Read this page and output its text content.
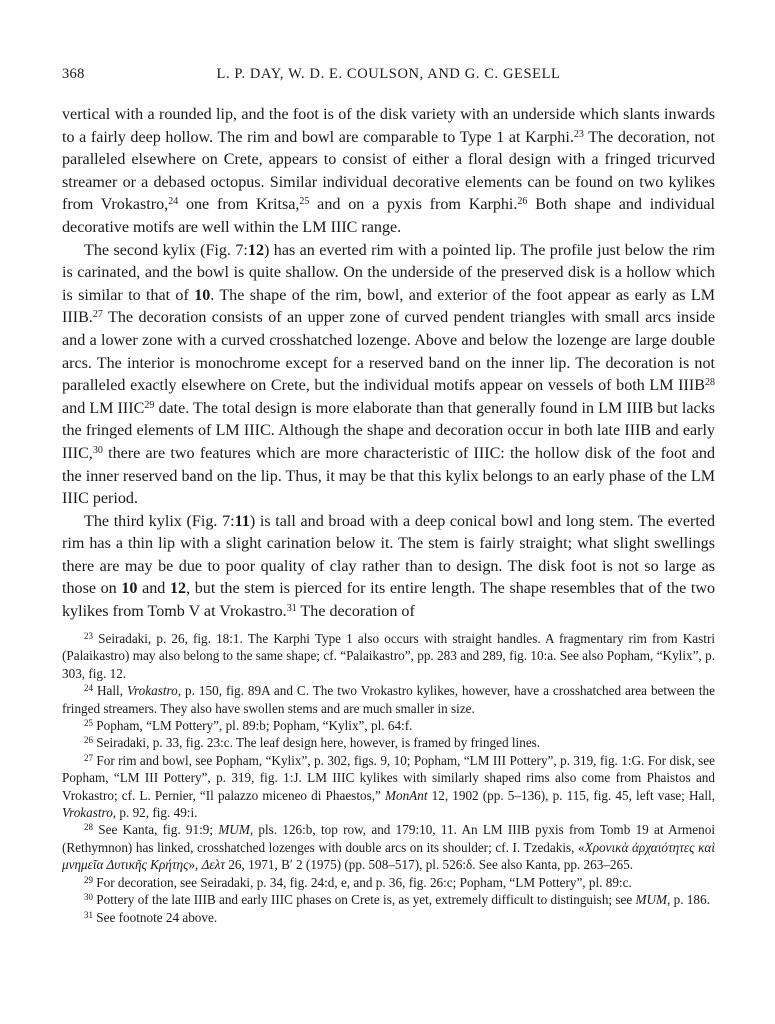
368	L. P. DAY, W. D. E. COULSON, AND G. C. GESELL

vertical with a rounded lip, and the foot is of the disk variety with an underside which slants inwards to a fairly deep hollow. The rim and bowl are comparable to Type 1 at Karphi.$^{23}$ The decoration, not paralleled elsewhere on Crete, appears to consist of either a floral design with a fringed tricurved streamer or a debased octopus. Similar individual decorative elements can be found on two kylikes from Vrokastro,$^{24}$ one from Kritsa,$^{25}$ and on a pyxis from Karphi.$^{26}$ Both shape and individual decorative motifs are well within the LM IIIC range.

The second kylix (Fig. 7:12) has an everted rim with a pointed lip. The profile just below the rim is carinated, and the bowl is quite shallow. On the underside of the preserved disk is a hollow which is similar to that of 10. The shape of the rim, bowl, and exterior of the foot appear as early as LM IIIB.$^{27}$ The decoration consists of an upper zone of curved pendent triangles with small arcs inside and a lower zone with a curved crosshatched lozenge. Above and below the lozenge are large double arcs. The interior is monochrome except for a reserved band on the inner lip. The decoration is not paralleled exactly elsewhere on Crete, but the individual motifs appear on vessels of both LM IIIB$^{28}$ and LM IIIC$^{29}$ date. The total design is more elaborate than that generally found in LM IIIB but lacks the fringed elements of LM IIIC. Although the shape and decoration occur in both late IIIB and early IIIC,$^{30}$ there are two features which are more characteristic of IIIC: the hollow disk of the foot and the inner reserved band on the lip. Thus, it may be that this kylix belongs to an early phase of the LM IIIC period.

The third kylix (Fig. 7:11) is tall and broad with a deep conical bowl and long stem. The everted rim has a thin lip with a slight carination below it. The stem is fairly straight; what slight swellings there are may be due to poor quality of clay rather than to design. The disk foot is not so large as those on 10 and 12, but the stem is pierced for its entire length. The shape resembles that of the two kylikes from Tomb V at Vrokastro.$^{31}$ The decoration of

$^{23}$ Seiradaki, p. 26, fig. 18:1. The Karphi Type 1 also occurs with straight handles. A fragmentary rim from Kastri (Palaikastro) may also belong to the same shape; cf. “Palaikastro”, pp. 283 and 289, fig. 10:a. See also Popham, “Kylix”, p. 303, fig. 12.

$^{24}$ Hall, Vrokastro, p. 150, fig. 89A and C. The two Vrokastro kylikes, however, have a crosshatched area between the fringed streamers. They also have swollen stems and are much smaller in size.

$^{25}$ Popham, “LM Pottery”, pl. 89:b; Popham, “Kylix”, pl. 64:f.

$^{26}$ Seiradaki, p. 33, fig. 23:c. The leaf design here, however, is framed by fringed lines.

$^{27}$ For rim and bowl, see Popham, “Kylix”, p. 302, figs. 9, 10; Popham, “LM III Pottery”, p. 319, fig. 1:G. For disk, see Popham, “LM III Pottery”, p. 319, fig. 1:J. LM IIIC kylikes with similarly shaped rims also come from Phaistos and Vrokastro; cf. L. Pernier, “Il palazzo miceneo di Phaestos,” MonAnt 12, 1902 (pp. 5–136), p. 115, fig. 45, left vase; Hall, Vrokastro, p. 92, fig. 49:i.

$^{28}$ See Kanta, fig. 91:9; MUM, pls. 126:b, top row, and 179:10, 11. An LM IIIB pyxis from Tomb 19 at Armenoi (Rethymnon) has linked, crosshatched lozenges with double arcs on its shoulder; cf. I. Tzedakis, «Χρονικὰ ἀρχαιότητες καὶ μνημεῖα Δυτικῆς Κρήτης», Δελτ 26, 1971, Bʹ 2 (1975) (pp. 508–517), pl. 526:δ. See also Kanta, pp. 263–265.

$^{29}$ For decoration, see Seiradaki, p. 34, fig. 24:d, e, and p. 36, fig. 26:c; Popham, “LM Pottery”, pl. 89:c.

$^{30}$ Pottery of the late IIIB and early IIIC phases on Crete is, as yet, extremely difficult to distinguish; see MUM, p. 186.

$^{31}$ See footnote 24 above.
